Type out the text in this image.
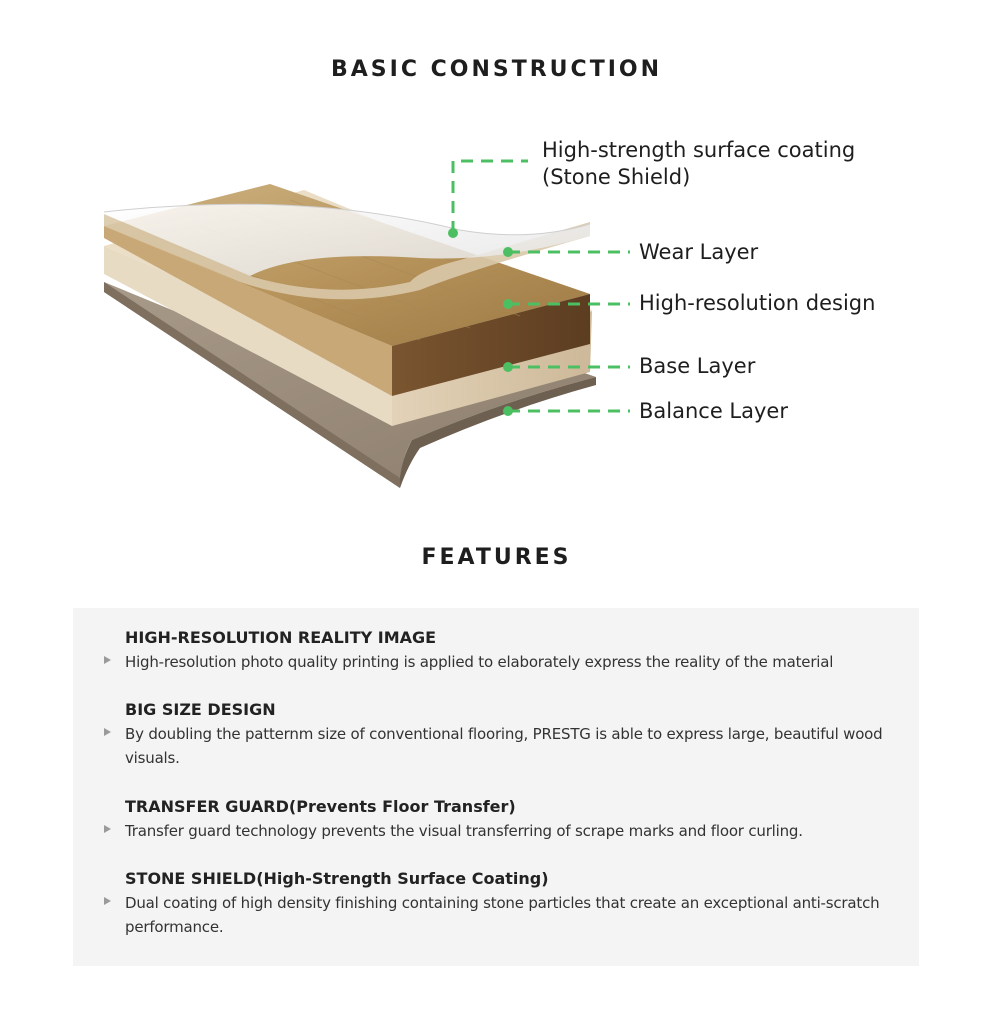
BASIC CONSTRUCTION
High-strength surface coating
(Stone Shield)
Wear Layer
High-resolution design
Base Layer
Balance Layer
FEATURES
HIGH-RESOLUTION REALITY IMAGE

High-resolution photo quality printing is applied to elaborately express the reality of the material

BIG SIZE DESIGN

By doubling the patternm size of conventional flooring, PRESTG is able to express large, beautiful wood visuals.

TRANSFER GUARD(Prevents Floor Transfer)

Transfer guard technology prevents the visual transferring of scrape marks and floor curling.

STONE SHIELD(High-Strength Surface Coating)

Dual coating of high density finishing containing stone particles that create an exceptional anti-scratch performance.
